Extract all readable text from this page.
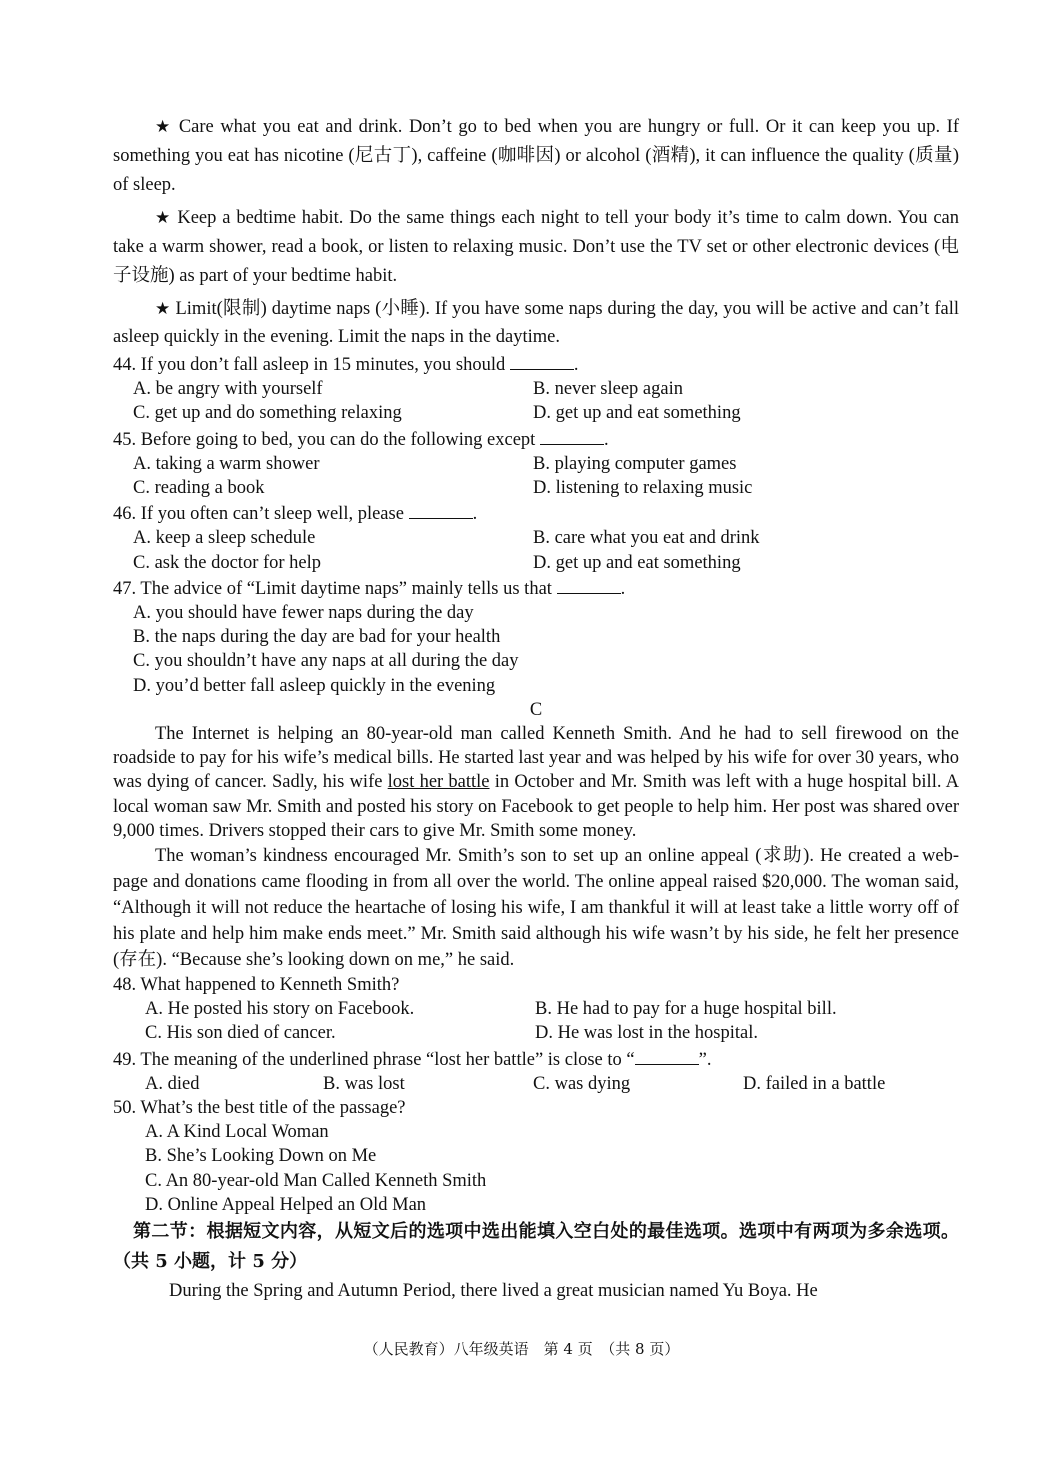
★ Care what you eat and drink. Don’t go to bed when you are hungry or full. Or it can keep you up. If something you eat has nicotine (尼古丁), caffeine (咖啡因) or alcohol (酒精), it can influence the quality (质量) of sleep.

★ Keep a bedtime habit. Do the same things each night to tell your body it’s time to calm down. You can take a warm shower, read a book, or listen to relaxing music. Don’t use the TV set or other electronic devices (电子设施) as part of your bedtime habit.

★ Limit(限制) daytime naps (小睡). If you have some naps during the day, you will be active and can’t fall asleep quickly in the evening. Limit the naps in the daytime.

44. If you don’t fall asleep in 15 minutes, you should	.

A. be angry with yourself	B. never sleep again
C. get up and do something relaxing	D. get up and eat something

45. Before going to bed, you can do the following except	.

A. taking a warm shower	B. playing computer games
C. reading a book	D. listening to relaxing music

46. If you often can’t sleep well, please	.

A. keep a sleep schedule	B. care what you eat and drink
C. ask the doctor for help	D. get up and eat something

47. The advice of “Limit daytime naps” mainly tells us that	.

A. you should have fewer naps during the day

B. the naps during the day are bad for your health

C. you shouldn’t have any naps at all during the day

D. you’d better fall asleep quickly in the evening

C

The Internet is helping an 80-year-old man called Kenneth Smith. And he had to sell firewood on the roadside to pay for his wife’s medical bills. He started last year and was helped by his wife for over 30 years, who was dying of cancer. Sadly, his wife lost her battle in October and Mr. Smith was left with a huge hospital bill. A local woman saw Mr. Smith and posted his story on Facebook to get people to help him. Her post was shared over 9,000 times. Drivers stopped their cars to give Mr. Smith some money.

The woman’s kindness encouraged Mr. Smith’s son to set up an online appeal (求助). He created a web-page and donations came flooding in from all over the world. The online appeal raised $20,000. The woman said, “Although it will not reduce the heartache of losing his wife, I am thankful it will at least take a little worry off of his plate and help him make ends meet.” Mr. Smith said although his wife wasn’t by his side, he felt her presence (存在). “Because she’s looking down on me,” he said.

48. What happened to Kenneth Smith?

A. He posted his story on Facebook.	B. He had to pay for a huge hospital bill.
C. His son died of cancer.	D. He was lost in the hospital.

49. The meaning of the underlined phrase “lost her battle” is close to “	”.

A. died	B. was lost	C. was dying	D. failed in a battle

50. What’s the best title of the passage?

A. A Kind Local Woman

B. She’s Looking Down on Me

C. An 80-year-old Man Called Kenneth Smith

D. Online Appeal Helped an Old Man

第二节：根据短文内容，从短文后的选项中选出能填入空白处的最佳选项。选项中有两项为多余选项。（共 5 小题，计 5 分）

During the Spring and Autumn Period, there lived a great musician named Yu Boya. He

（人民教育）八年级英语　第 4 页　（共 8 页）
